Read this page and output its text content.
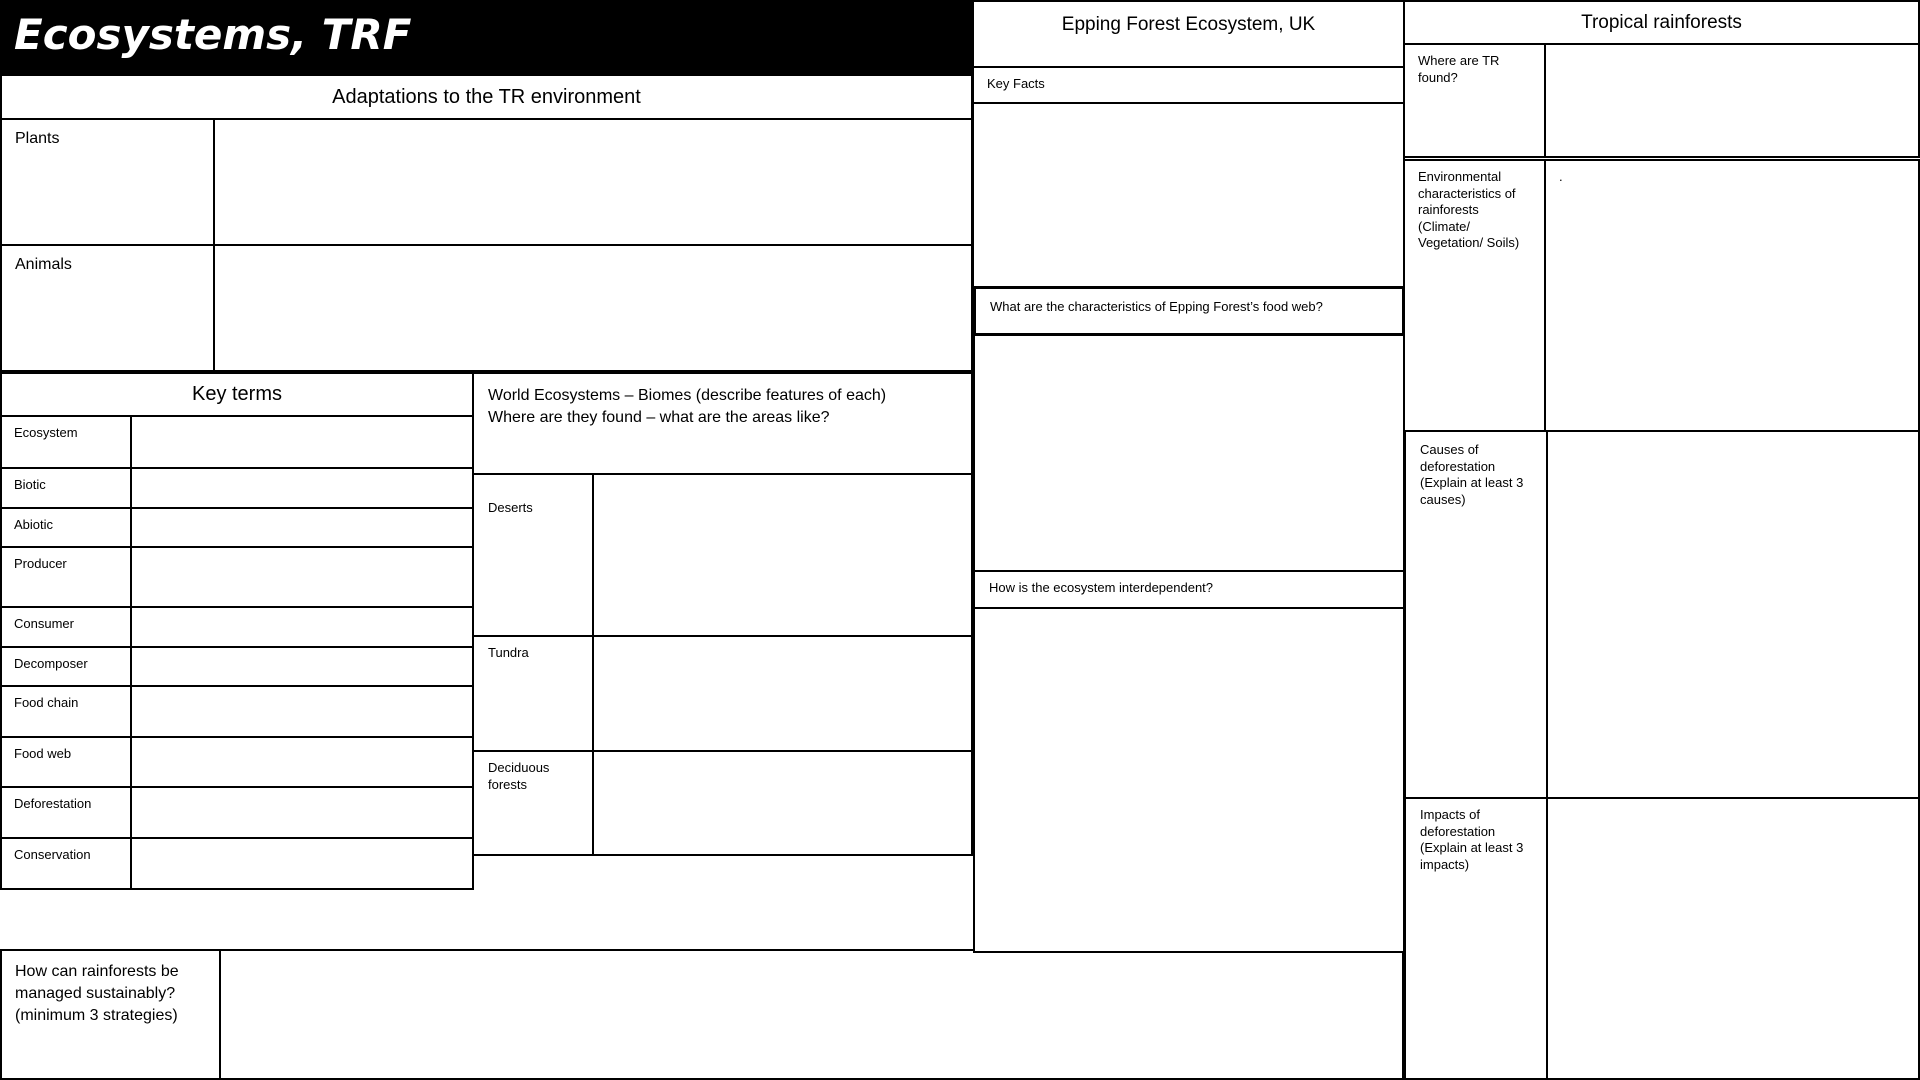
Ecosystems, TRF
Adaptations to the TR environment
Plants
Animals
Key terms
Ecosystem
Biotic
Abiotic
Producer
Consumer
Decomposer
Food chain
Food web
Deforestation
Conservation
World Ecosystems – Biomes (describe features of each)
Where are they found – what are the areas like?
Deserts
Tundra
Deciduous
forests
How can rainforests be
managed sustainably?
(minimum 3 strategies)
Epping Forest Ecosystem, UK
Key Facts
What are the characteristics of Epping Forest’s food web?
How is the ecosystem interdependent?
Tropical rainforests
Where are TR
found?
Environmental
characteristics of
rainforests
(Climate/
Vegetation/ Soils)
.
Causes of
deforestation
(Explain at least 3
causes)
Impacts of
deforestation
(Explain at least 3
impacts)
